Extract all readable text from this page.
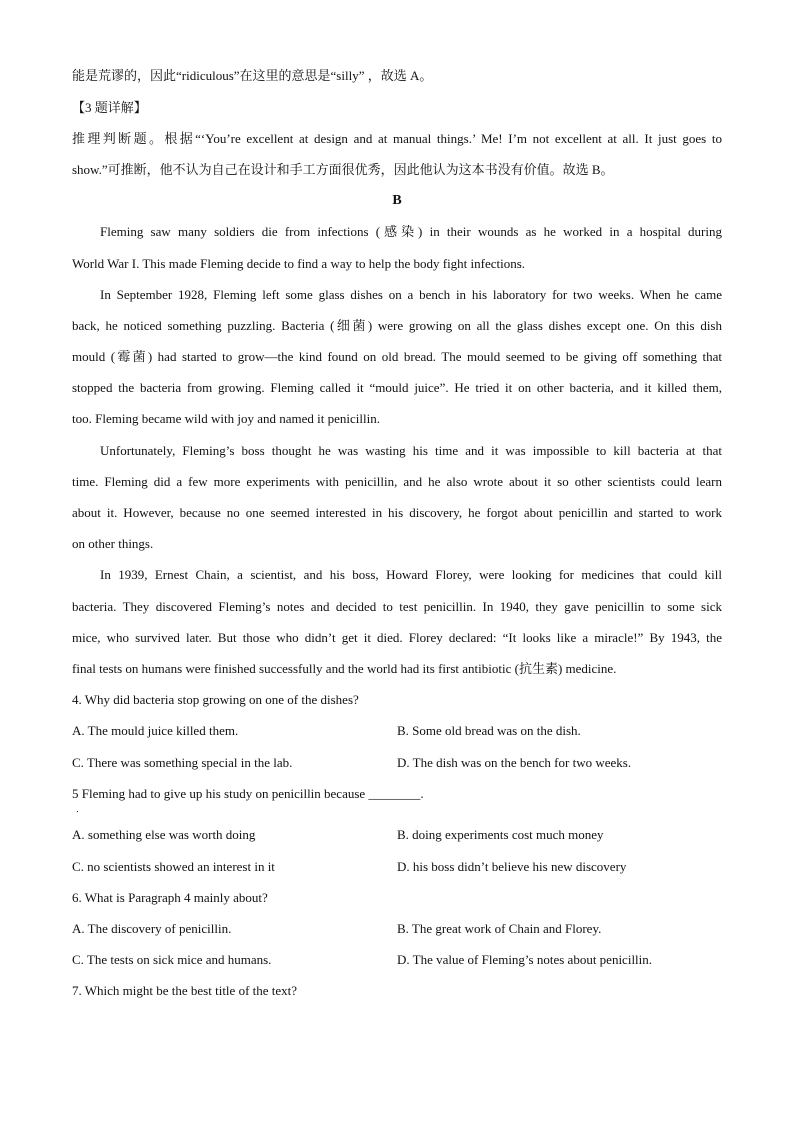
能是荒谬的，因此“ridiculous”在这里的意思是“silly” ，故选 A。
【3 题详解】
推理判断题。根据“‘You’re excellent at design and at manual things.’ Me! I’m not excellent at all. It just goes to
show.”可推断，他不认为自己在设计和手工方面很优秀，因此他认为这本书没有价值。故选 B。
B
Fleming saw many soldiers die from infections (感染) in their wounds as he worked in a hospital during
World War I. This made Fleming decide to find a way to help the body fight infections.
In September 1928, Fleming left some glass dishes on a bench in his laboratory for two weeks. When he came
back, he noticed something puzzling. Bacteria (细菌) were growing on all the glass dishes except one. On this dish
mould (霉菌) had started to grow—the kind found on old bread. The mould seemed to be giving off something that
stopped the bacteria from growing. Fleming called it “mould juice”. He tried it on other bacteria, and it killed them,
too. Fleming became wild with joy and named it penicillin.
Unfortunately, Fleming’s boss thought he was wasting his time and it was impossible to kill bacteria at that
time. Fleming did a few more experiments with penicillin, and he also wrote about it so other scientists could learn
about it. However, because no one seemed interested in his discovery, he forgot about penicillin and started to work
on other things.
In 1939, Ernest Chain, a scientist, and his boss, Howard Florey, were looking for medicines that could kill
bacteria. They discovered Fleming’s notes and decided to test penicillin. In 1940, they gave penicillin to some sick
mice, who survived later. But those who didn’t get it died. Florey declared: “It looks like a miracle!” By 1943, the
final tests on humans were finished successfully and the world had its first antibiotic (抗生素) medicine.
4. Why did bacteria stop growing on one of the dishes?
A. The mould juice killed them.	B. Some old bread was on the dish.
C. There was something special in the lab.	D. The dish was on the bench for two weeks.
5 Fleming had to give up his study on penicillin because ________.
．
A. something else was worth doing	B. doing experiments cost much money
C. no scientists showed an interest in it	D. his boss didn’t believe his new discovery
6. What is Paragraph 4 mainly about?
A. The discovery of penicillin.	B. The great work of Chain and Florey.
C. The tests on sick mice and humans.	D. The value of Fleming’s notes about penicillin.
7. Which might be the best title of the text?
